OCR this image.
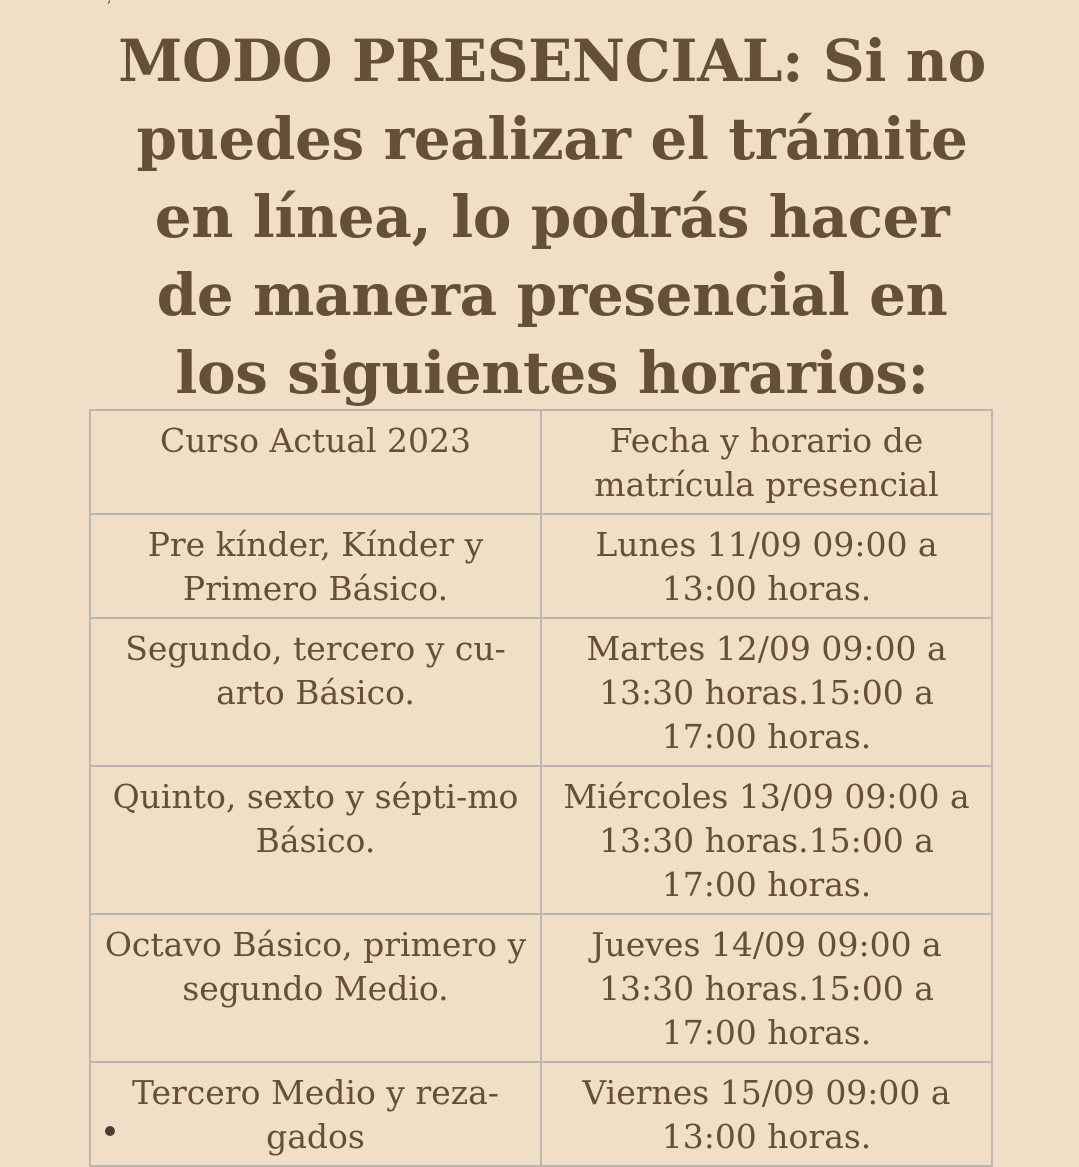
MODO PRESENCIAL: Si no puedes realizar el trámite en línea, lo podrás hacer de manera presencial en los siguientes horarios:
Curso Actual 2023	Fecha y horario de matrícula presencial

Pre kínder, Kínder y Primero Básico.	Lunes 11/09 09:00 a 13:00 horas.

Segundo, tercero y cu-arto Básico.	Martes 12/09 09:00 a 13:30 horas.15:00 a 17:00 horas.

Quinto, sexto y sépti-mo Básico.	Miércoles 13/09 09:00 a 13:30 horas.15:00 a 17:00 horas.

Octavo Básico, primero y segundo Medio.	Jueves 14/09 09:00 a 13:30 horas.15:00 a 17:00 horas.

Tercero Medio y reza-gados	Viernes 15/09 09:00 a 13:00 horas.
